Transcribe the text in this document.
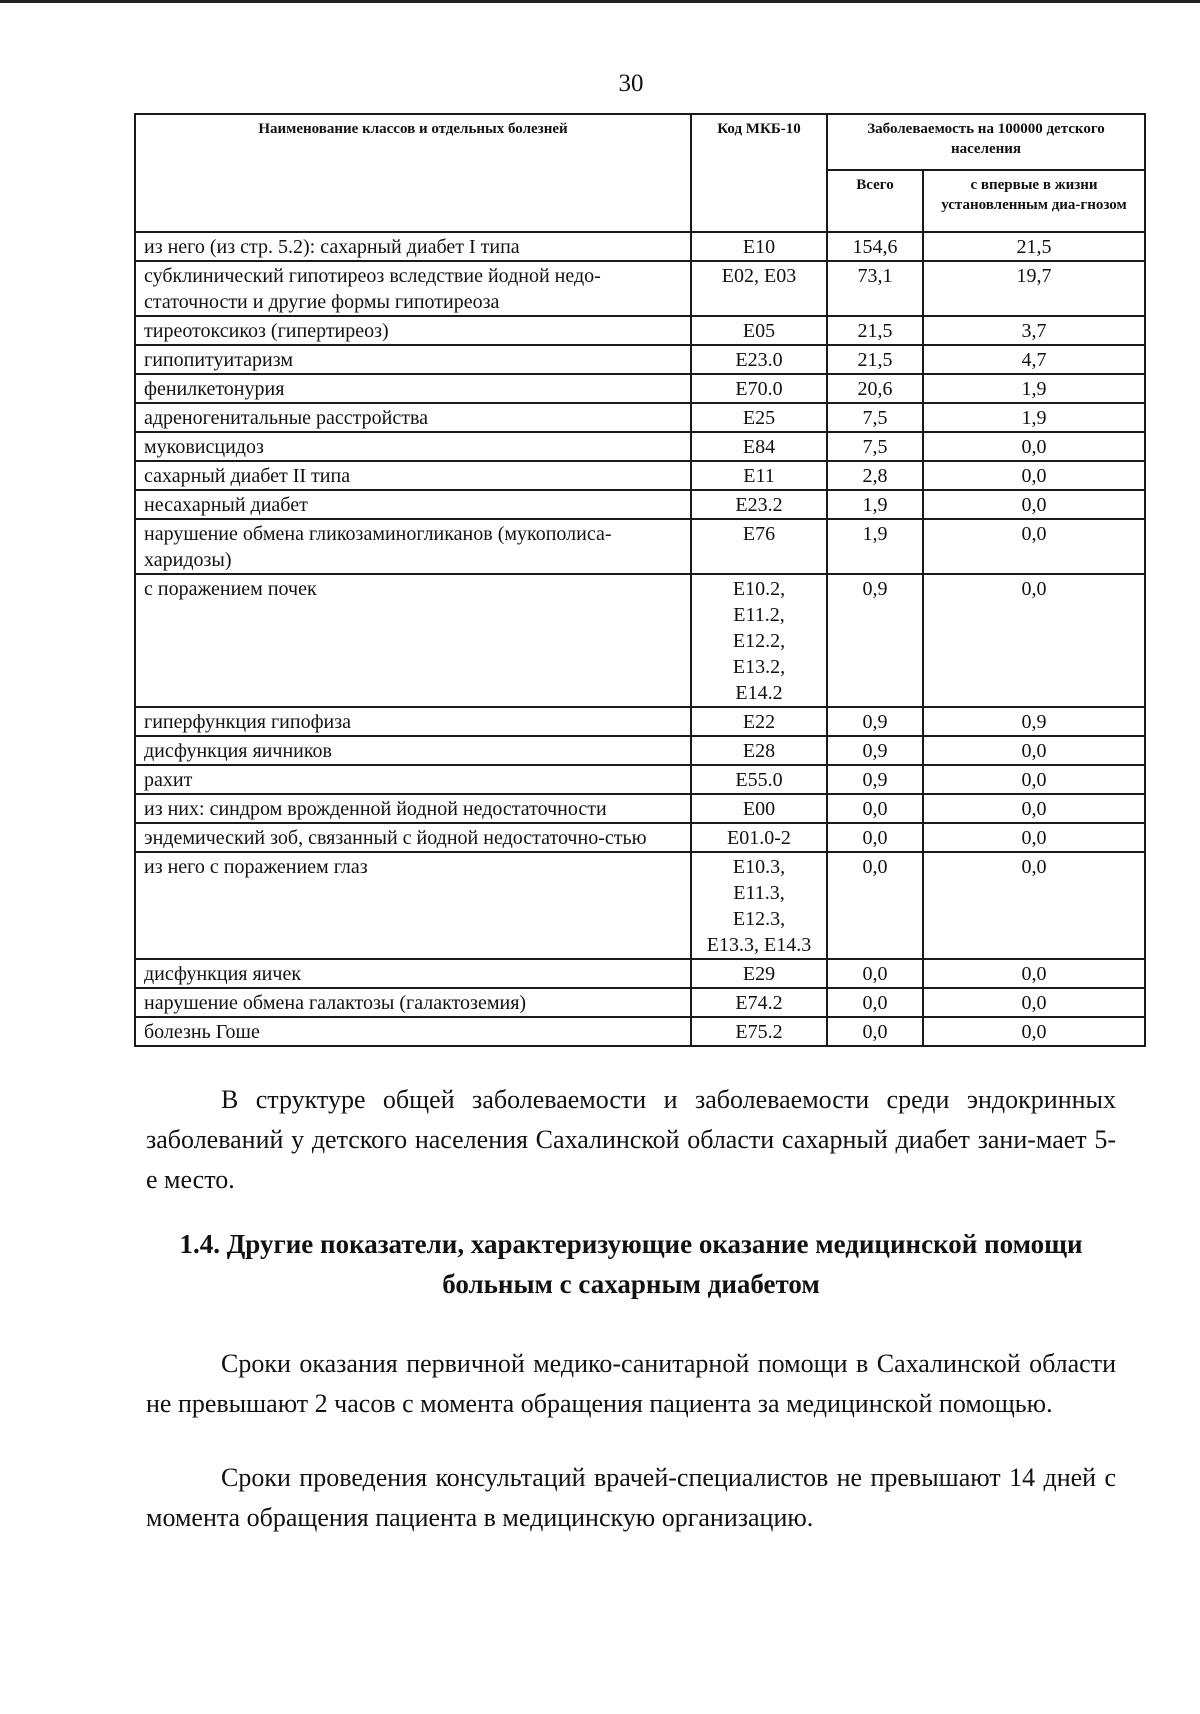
30
Наименование классов и отдельных болезней	Код МКБ-10	Заболеваемость на 100000 детского населения	
		Всего	с впервые в жизни установленным диа-гнозом
из него (из стр. 5.2): сахарный диабет I типа	E10	154,6	21,5
субклинический гипотиреоз вследствие йодной недо-статочности и другие формы гипотиреоза	E02, E03	73,1	19,7
тиреотоксикоз (гипертиреоз)	E05	21,5	3,7
гипопитуитаризм	E23.0	21,5	4,7
фенилкетонурия	E70.0	20,6	1,9
адреногенитальные расстройства	E25	7,5	1,9
муковисцидоз	E84	7,5	0,0
сахарный диабет II типа	E11	2,8	0,0
несахарный диабет	E23.2	1,9	0,0
нарушение обмена гликозаминогликанов (мукополиса-харидозы)	E76	1,9	0,0
с поражением почек	E10.2,
E11.2,
E12.2,
E13.2,
E14.2	0,9	0,0
гиперфункция гипофиза	E22	0,9	0,9
дисфункция яичников	E28	0,9	0,0
рахит	E55.0	0,9	0,0
из них: синдром врожденной йодной недостаточности	E00	0,0	0,0
эндемический зоб, связанный с йодной недостаточно-стью	E01.0-2	0,0	0,0
из него с поражением глаз	E10.3,
E11.3,
E12.3,
E13.3, E14.3	0,0	0,0
дисфункция яичек	E29	0,0	0,0
нарушение обмена галактозы (галактоземия)	E74.2	0,0	0,0
болезнь Гоше	E75.2	0,0	0,0

В структуре общей заболеваемости и заболеваемости среди эндокринных заболеваний у детского населения Сахалинской области сахарный диабет зани-мает 5-е место.

1.4. Другие показатели, характеризующие оказание медицинской помощи больным с сахарным диабетом

Сроки оказания первичной медико-санитарной помощи в Сахалинской области не превышают 2 часов с момента обращения пациента за медицинской помощью.

Сроки проведения консультаций врачей-специалистов не превышают 14 дней с момента обращения пациента в медицинскую организацию.
